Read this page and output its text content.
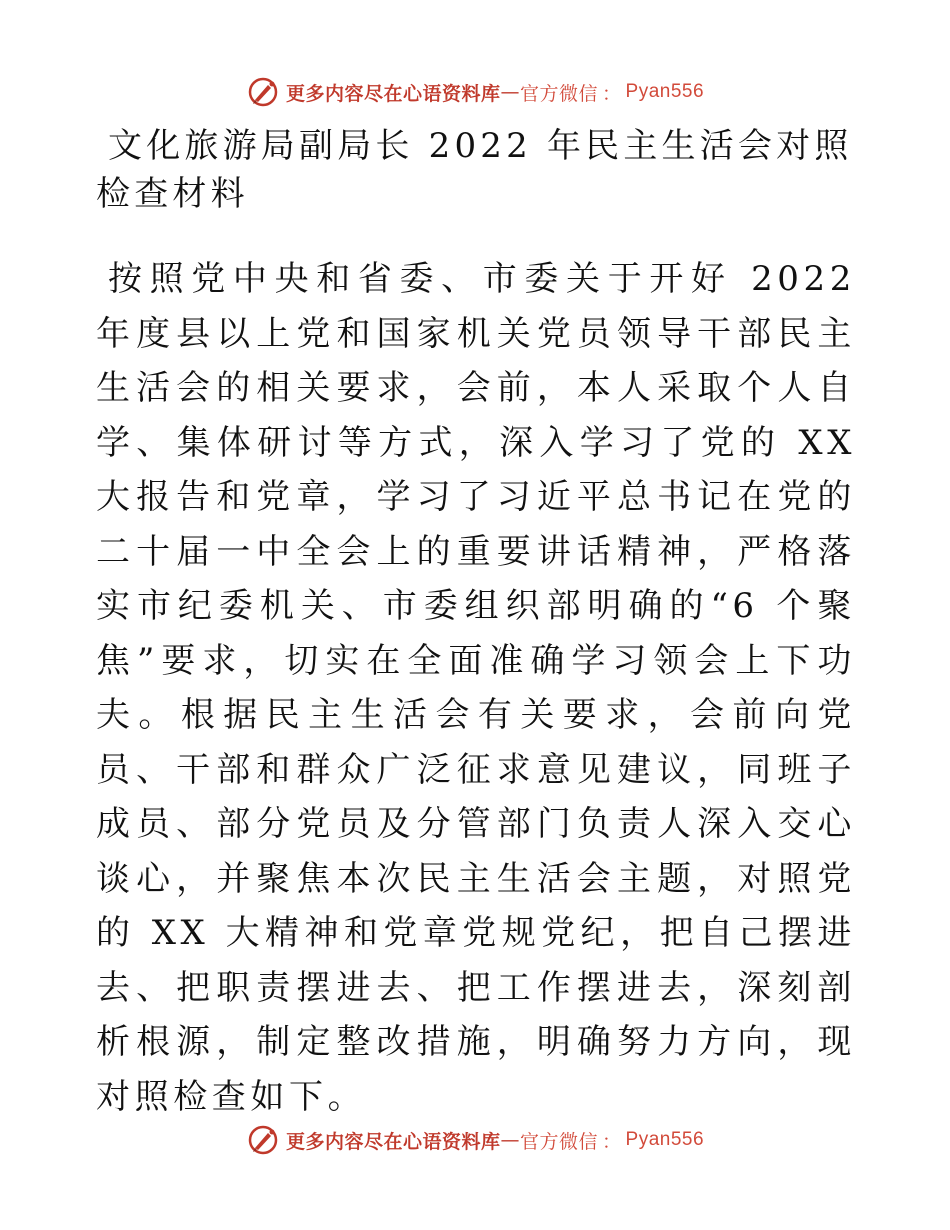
更多内容尽在心语资料库 — 官方微信 ： Pyan556
文化旅游局副局长 2022 年民主生活会对照检查材料

按照党中央和省委、市委关于开好 2022 年度县以上党和国家机关党员领导干部民主生活会的相关要求，会前，本人采取个人自学、集体研讨等方式，深入学习了党的 XX 大报告和党章，学习了习近平总书记在党的二十届一中全会上的重要讲话精神，严格落实市纪委机关、市委组织部明确的“6 个聚焦”要求，切实在全面准确学习领会上下功夫。根据民主生活会有关要求，会前向党员、干部和群众广泛征求意见建议，同班子成员、部分党员及分管部门负责人深入交心谈心，并聚焦本次民主生活会主题，对照党的 XX 大精神和党章党规党纪，把自己摆进去、把职责摆进去、把工作摆进去，深刻剖析根源，制定整改措施，明确努力方向，现对照检查如下。

更多内容尽在心语资料库 — 官方微信 ： Pyan556
